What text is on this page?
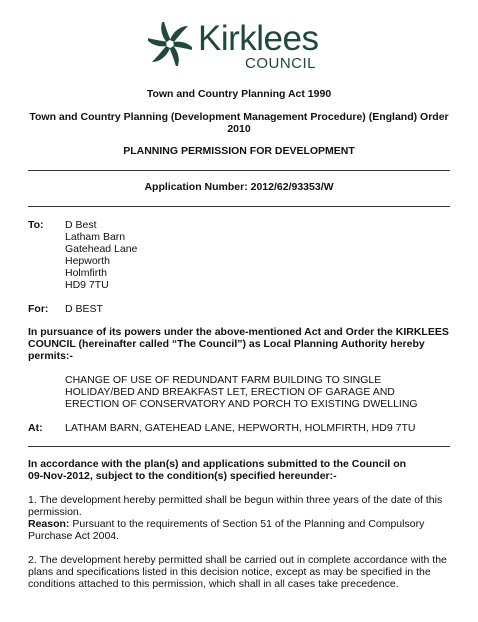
Kirklees
COUNCIL
Town and Country Planning Act 1990
Town and Country Planning (Development Management Procedure) (England) Order
2010
PLANNING PERMISSION FOR DEVELOPMENT
Application Number: 2012/62/93353/W
To: D Best
Latham Barn
Gatehead Lane
Hepworth
Holmfirth
HD9 7TU
For: D BEST
In pursuance of its powers under the above-mentioned Act and Order the KIRKLEES
COUNCIL (hereinafter called “The Council”) as Local Planning Authority hereby
permits:-
CHANGE OF USE OF REDUNDANT FARM BUILDING TO SINGLE
HOLIDAY/BED AND BREAKFAST LET, ERECTION OF GARAGE AND
ERECTION OF CONSERVATORY AND PORCH TO EXISTING DWELLING
At: LATHAM BARN, GATEHEAD LANE, HEPWORTH, HOLMFIRTH, HD9 7TU
In accordance with the plan(s) and applications submitted to the Council on
09-Nov-2012, subject to the condition(s) specified hereunder:-
1. The development hereby permitted shall be begun within three years of the date of this
permission.
Reason: Pursuant to the requirements of Section 51 of the Planning and Compulsory
Purchase Act 2004.
2. The development hereby permitted shall be carried out in complete accordance with the
plans and specifications listed in this decision notice, except as may be specified in the
conditions attached to this permission, which shall in all cases take precedence.
